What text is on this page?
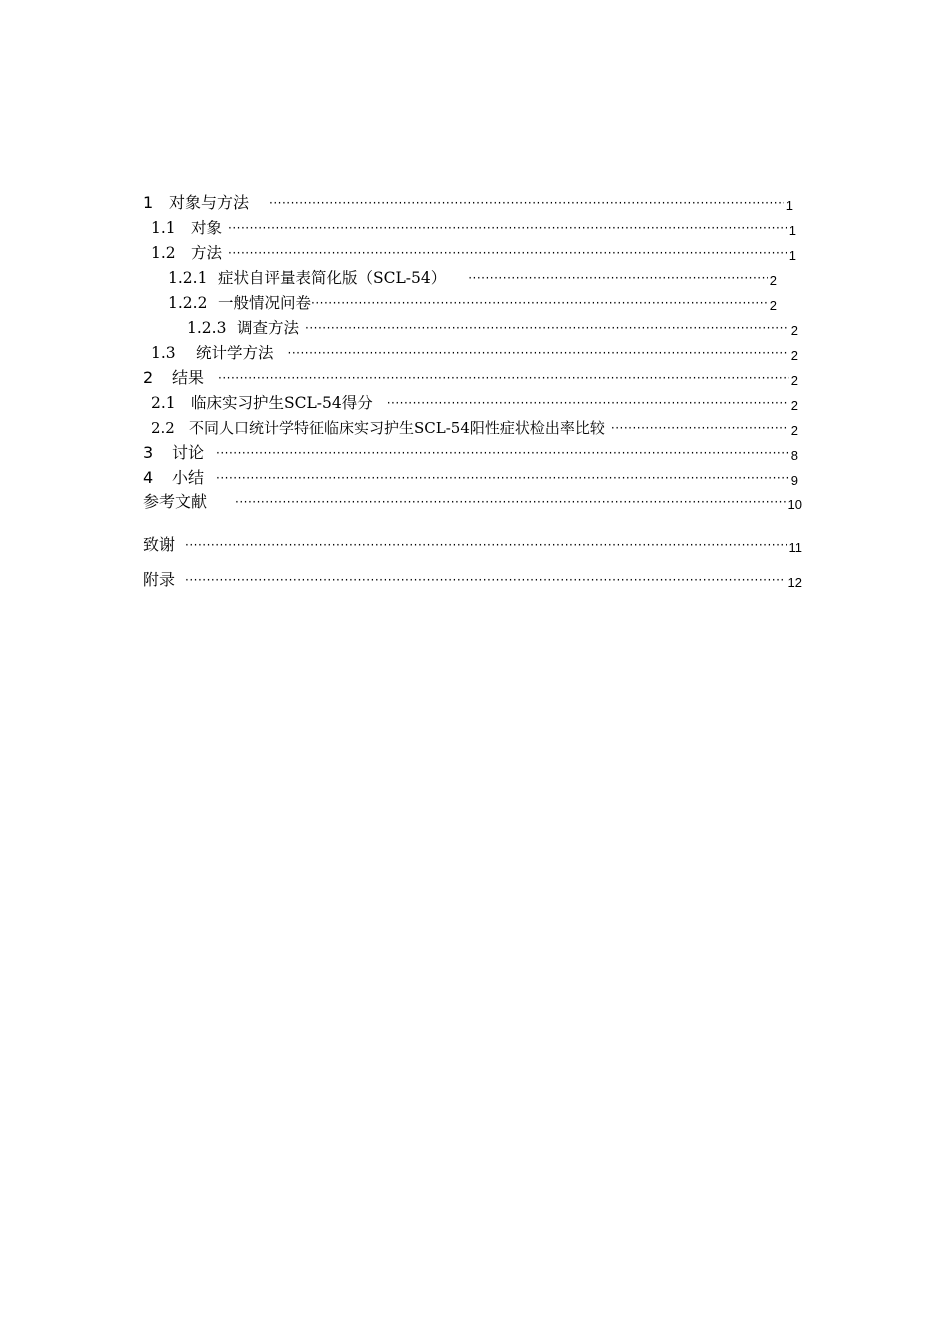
1 对象与方法 ·····	1
1.1 对象 ·····	1
1.2 方法 ·····	1
1.2.1 症状自评量表简化版（SCL-54） ·····	2
1.2.2 一般情况问卷 ·····	2
1.2.3 调查方法 ·····	2
1.3 统计学方法 ·····	2
2 结果 ·····	2
2.1 临床实习护生SCL-54得分 ·····	2
2.2 不同人口统计学特征临床实习护生SCL-54阳性症状检出率比较 ·····	2
3 讨论 ·····	8
4 小结 ·····	9
参考文献 ·····	10
致谢 ·····	11
附录 ·····	12
